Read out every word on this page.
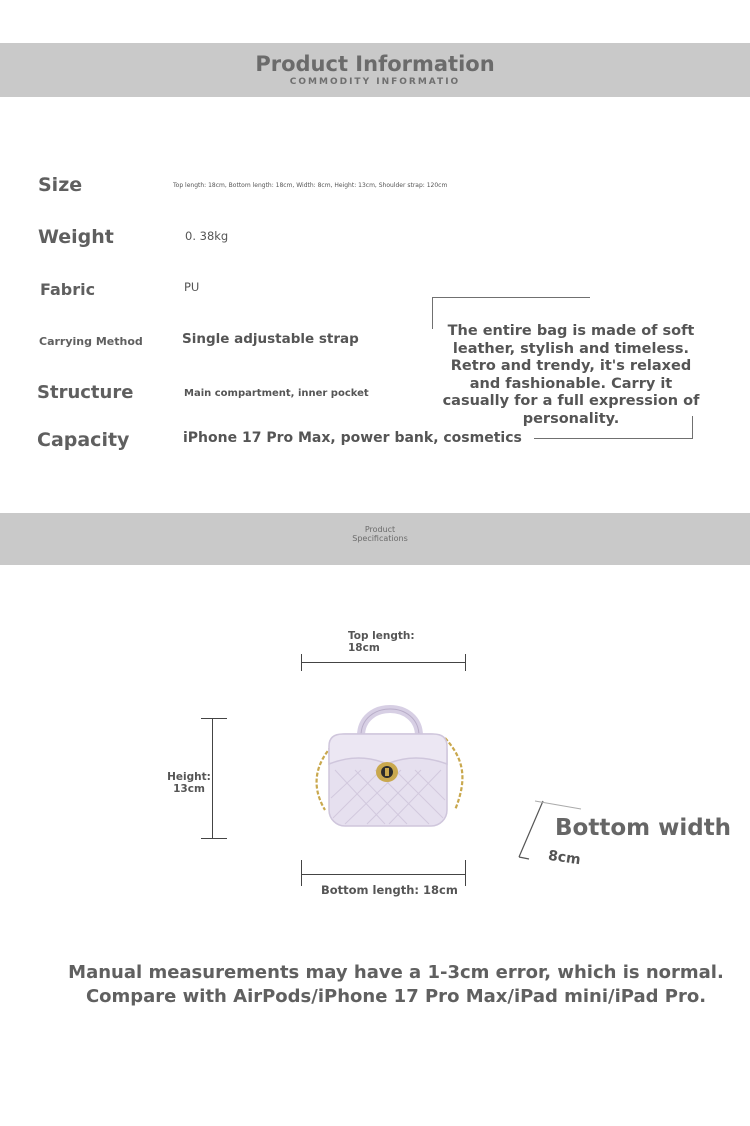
Product Information
COMMODITY INFORMATIO
Size	Top length: 18cm, Bottom length: 18cm, Width: 8cm, Height: 13cm, Shoulder strap: 120cm
Weight	0. 38kg
Fabric	PU
Carrying Method	Single adjustable strap
Structure	Main compartment, inner pocket
Capacity	iPhone 17 Pro Max, power bank, cosmetics
The entire bag is made of soft leather, stylish and timeless. Retro and trendy, it's relaxed and fashionable. Carry it casually for a full expression of personality.
Product
Specifications
Top length:
18cm
Height:
13cm
Bottom length: 18cm
Bottom width
8cm
Manual measurements may have a 1-3cm error, which is normal.
Compare with AirPods/iPhone 17 Pro Max/iPad mini/iPad Pro.
